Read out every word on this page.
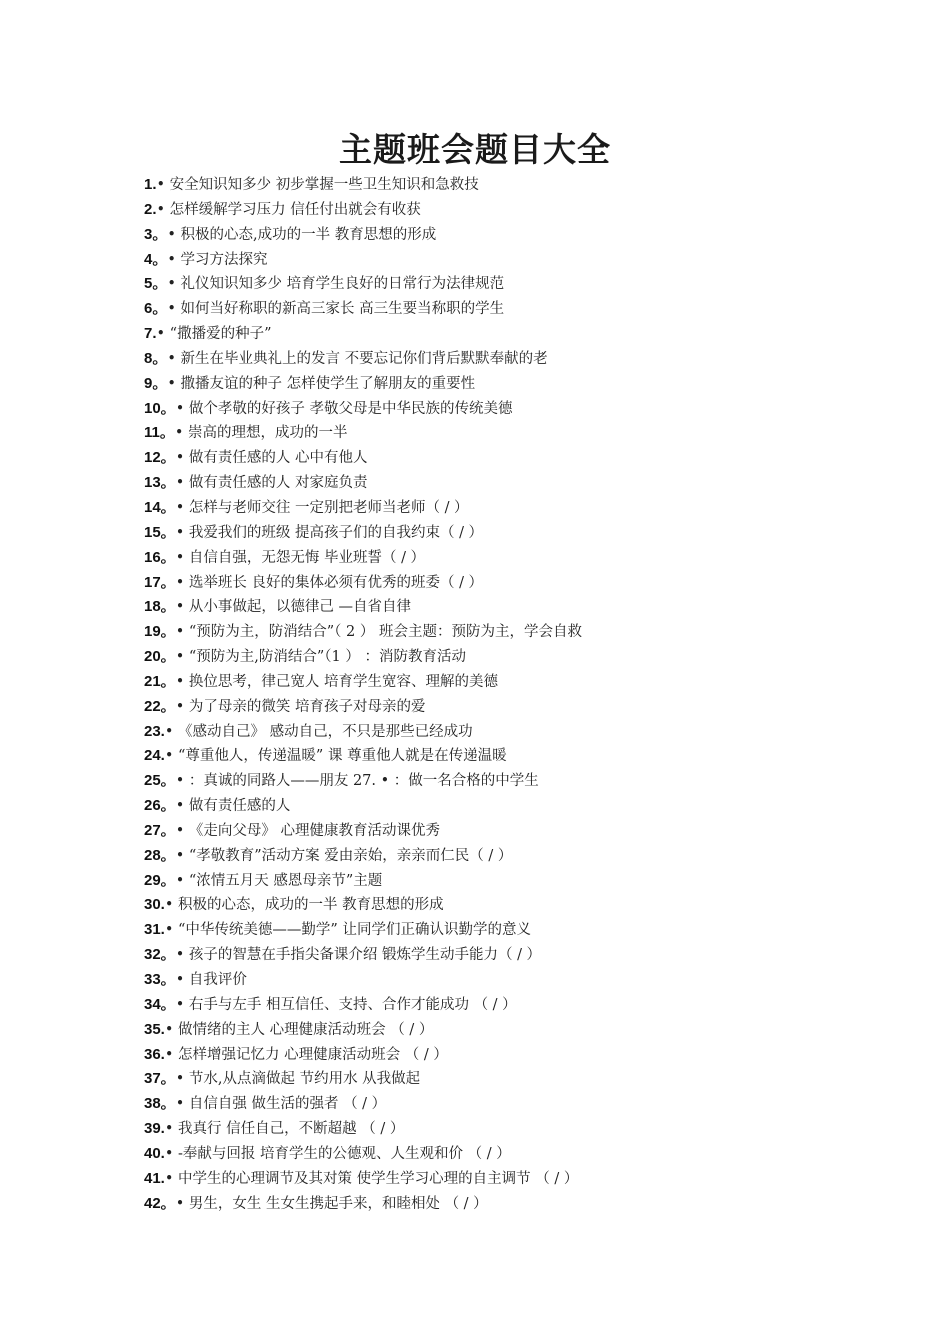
主题班会题目大全
1.• 安全知识知多少 初步掌握一些卫生知识和急救技
2.• 怎样缓解学习压力 信任付出就会有收获
3。• 积极的心态,成功的一半 教育思想的形成
4。• 学习方法探究
5。• 礼仪知识知多少 培育学生良好的日常行为法律规范
6。• 如何当好称职的新高三家长 高三生要当称职的学生
7.• “撒播爱的种子”
8。• 新生在毕业典礼上的发言 不要忘记你们背后默默奉献的老
9。• 撒播友谊的种子 怎样使学生了解朋友的重要性
10。• 做个孝敬的好孩子 孝敬父母是中华民族的传统美德
11。• 崇高的理想，成功的一半
12。• 做有责任感的人 心中有他人
13。• 做有责任感的人 对家庭负责
14。• 怎样与老师交往 一定别把老师当老师（ / ）
15。• 我爱我们的班级 提高孩子们的自我约束（ / ）
16。• 自信自强，无怨无悔 毕业班誓（ / ）
17。• 选举班长 良好的集体必须有优秀的班委（ / ）
18。• 从小事做起，以德律己 —自省自律
19。• “预防为主，防消结合”（ 2 ） 班会主题：预防为主，学会自救
20。• “预防为主,防消结合”（1 ） ：消防教育活动
21。• 换位思考，律己宽人 培育学生宽容、理解的美德
22。• 为了母亲的微笑 培育孩子对母亲的爱
23.• 《感动自己》 感动自己，不只是那些已经成功
24.• “尊重他人，传递温暖” 课 尊重他人就是在传递温暖
25。• ：真诚的同路人——朋友 27. • ：做一名合格的中学生
26。• 做有责任感的人
27。• 《走向父母》 心理健康教育活动课优秀
28。• “孝敬教育”活动方案 爱由亲始，亲亲而仁民（ / ）
29。• “浓情五月天 感恩母亲节”主题
30.• 积极的心态，成功的一半 教育思想的形成
31.• “中华传统美德——勤学” 让同学们正确认识勤学的意义
32。• 孩子的智慧在手指尖备课介绍 锻炼学生动手能力（ / ）
33。• 自我评价
34。• 右手与左手 相互信任、支持、合作才能成功 （ / ）
35.• 做情绪的主人 心理健康活动班会 （ / ）
36.• 怎样增强记忆力 心理健康活动班会 （ / ）
37。• 节水,从点滴做起 节约用水 从我做起
38。• 自信自强 做生活的强者 （ / ）
39.• 我真行 信任自己，不断超越 （ / ）
40.• -奉献与回报 培育学生的公德观、人生观和价 （ / ）
41.• 中学生的心理调节及其对策 使学生学习心理的自主调节 （ / ）
42。• 男生，女生 生女生携起手来，和睦相处 （ / ）
